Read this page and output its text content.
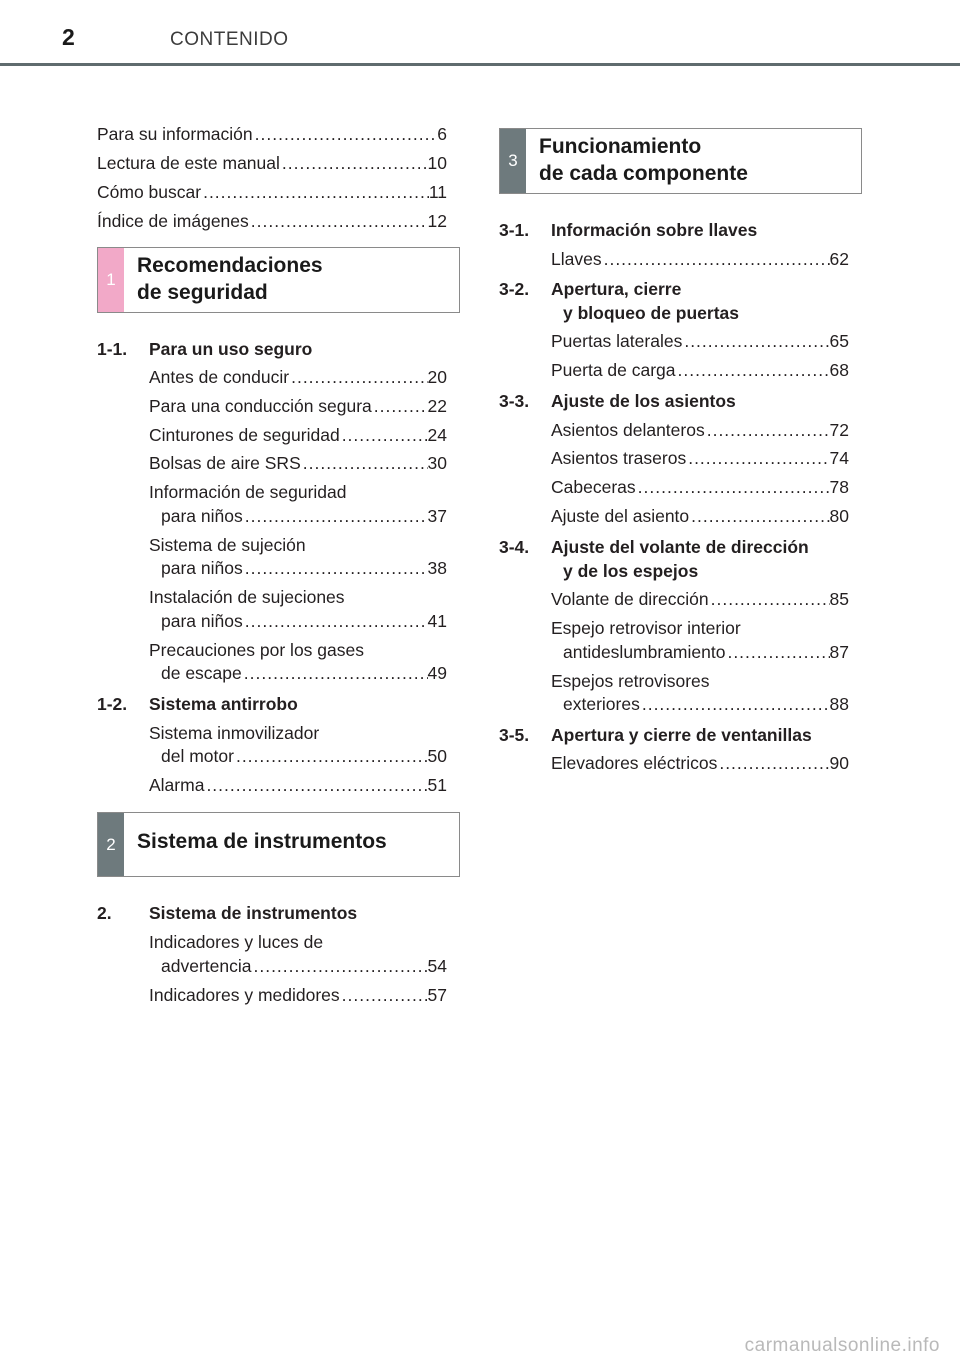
2	CONTENIDO
Para su información .....	6
Lectura de este manual .....	10
Cómo buscar .....	11
Índice de imágenes .....	12
1
Recomendaciones
de seguridad
1-1. Para un uso seguro
Antes de conducir .....	20
Para una conducción segura .....	22
Cinturones de seguridad .....	24
Bolsas de aire SRS .....	30
Información de seguridad
para niños .....	37
Sistema de sujeción
para niños .....	38
Instalación de sujeciones
para niños .....	41
Precauciones por los gases
de escape .....	49
1-2. Sistema antirrobo
Sistema inmovilizador
del motor .....	50
Alarma .....	51
2	Sistema de instrumentos
2. Sistema de instrumentos
Indicadores y luces de
advertencia .....	54
Indicadores y medidores .....	57
3
Funcionamiento
de cada componente
3-1. Información sobre llaves
Llaves .....	62
3-2. Apertura, cierre
y bloqueo de puertas
Puertas laterales .....	65
Puerta de carga .....	68
3-3. Ajuste de los asientos
Asientos delanteros .....	72
Asientos traseros .....	74
Cabeceras .....	78
Ajuste del asiento .....	80
3-4. Ajuste del volante de dirección
y de los espejos
Volante de dirección .....	85
Espejo retrovisor interior
antideslumbramiento .....	87
Espejos retrovisores
exteriores .....	88
3-5. Apertura y cierre de ventanillas
Elevadores eléctricos .....	90
carmanualsonline.info
